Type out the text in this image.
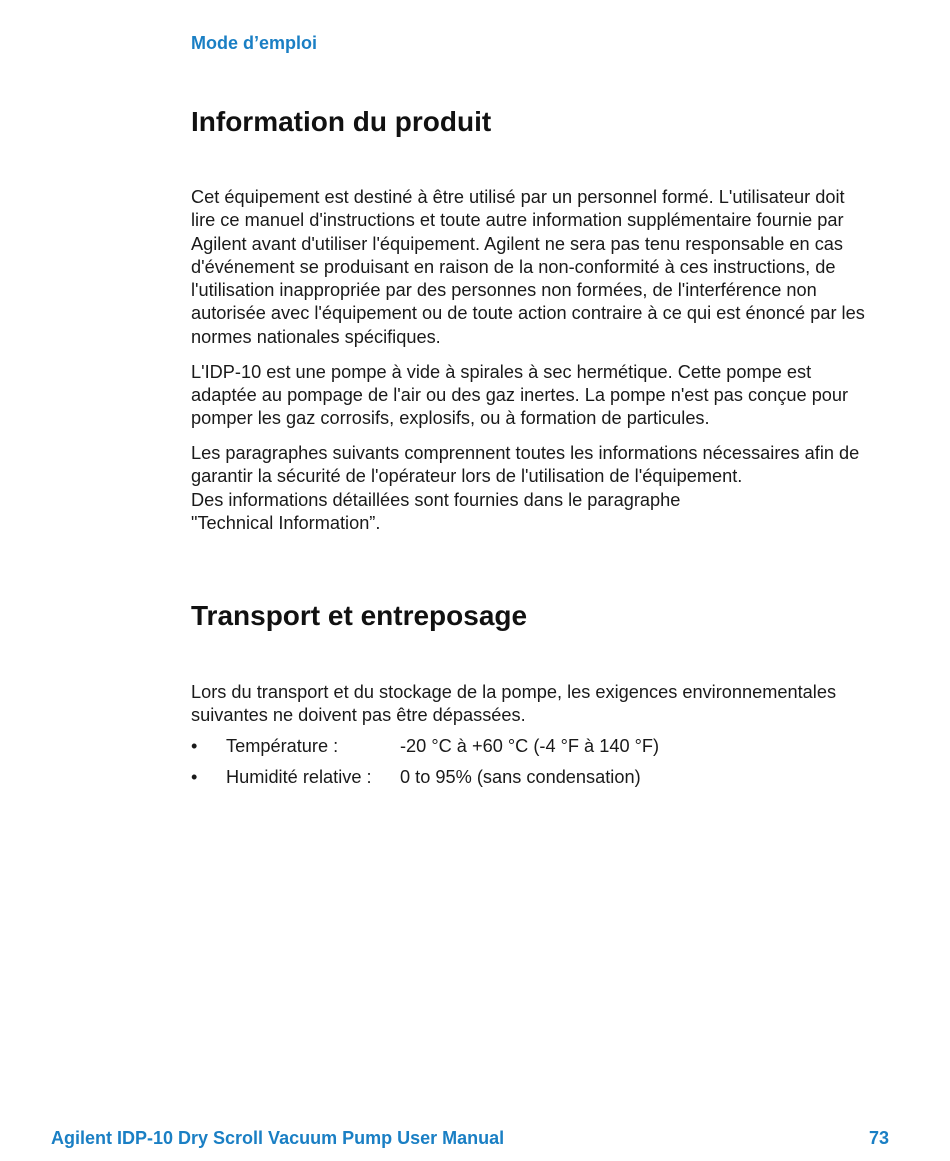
Mode d’emploi
Information du produit

Cet équipement est destiné à être utilisé par un personnel formé. L'utilisateur doit
lire ce manuel d'instructions et toute autre information supplémentaire fournie par
Agilent avant d'utiliser l'équipement. Agilent ne sera pas tenu responsable en cas
d'événement se produisant en raison de la non-conformité à ces instructions, de
l'utilisation inappropriée par des personnes non formées, de l'interférence non
autorisée avec l'équipement ou de toute action contraire à ce qui est énoncé par les
normes nationales spécifiques.

L'IDP-10 est une pompe à vide à spirales à sec hermétique. Cette pompe est
adaptée au pompage de l'air ou des gaz inertes. La pompe n'est pas conçue pour
pomper les gaz corrosifs, explosifs, ou à formation de particules.

Les paragraphes suivants comprennent toutes les informations nécessaires afin de
garantir la sécurité de l'opérateur lors de l'utilisation de l'équipement.
Des informations détaillées sont fournies dans le paragraphe
"Technical Information”.

Transport et entreposage

Lors du transport et du stockage de la pompe, les exigences environnementales
suivantes ne doivent pas être dépassées.

• Température :	-20 °C à +60 °C (-4 °F à 140 °F)
• Humidité relative : 0 to 95% (sans condensation)
Agilent IDP-10 Dry Scroll Vacuum Pump User Manual	73
